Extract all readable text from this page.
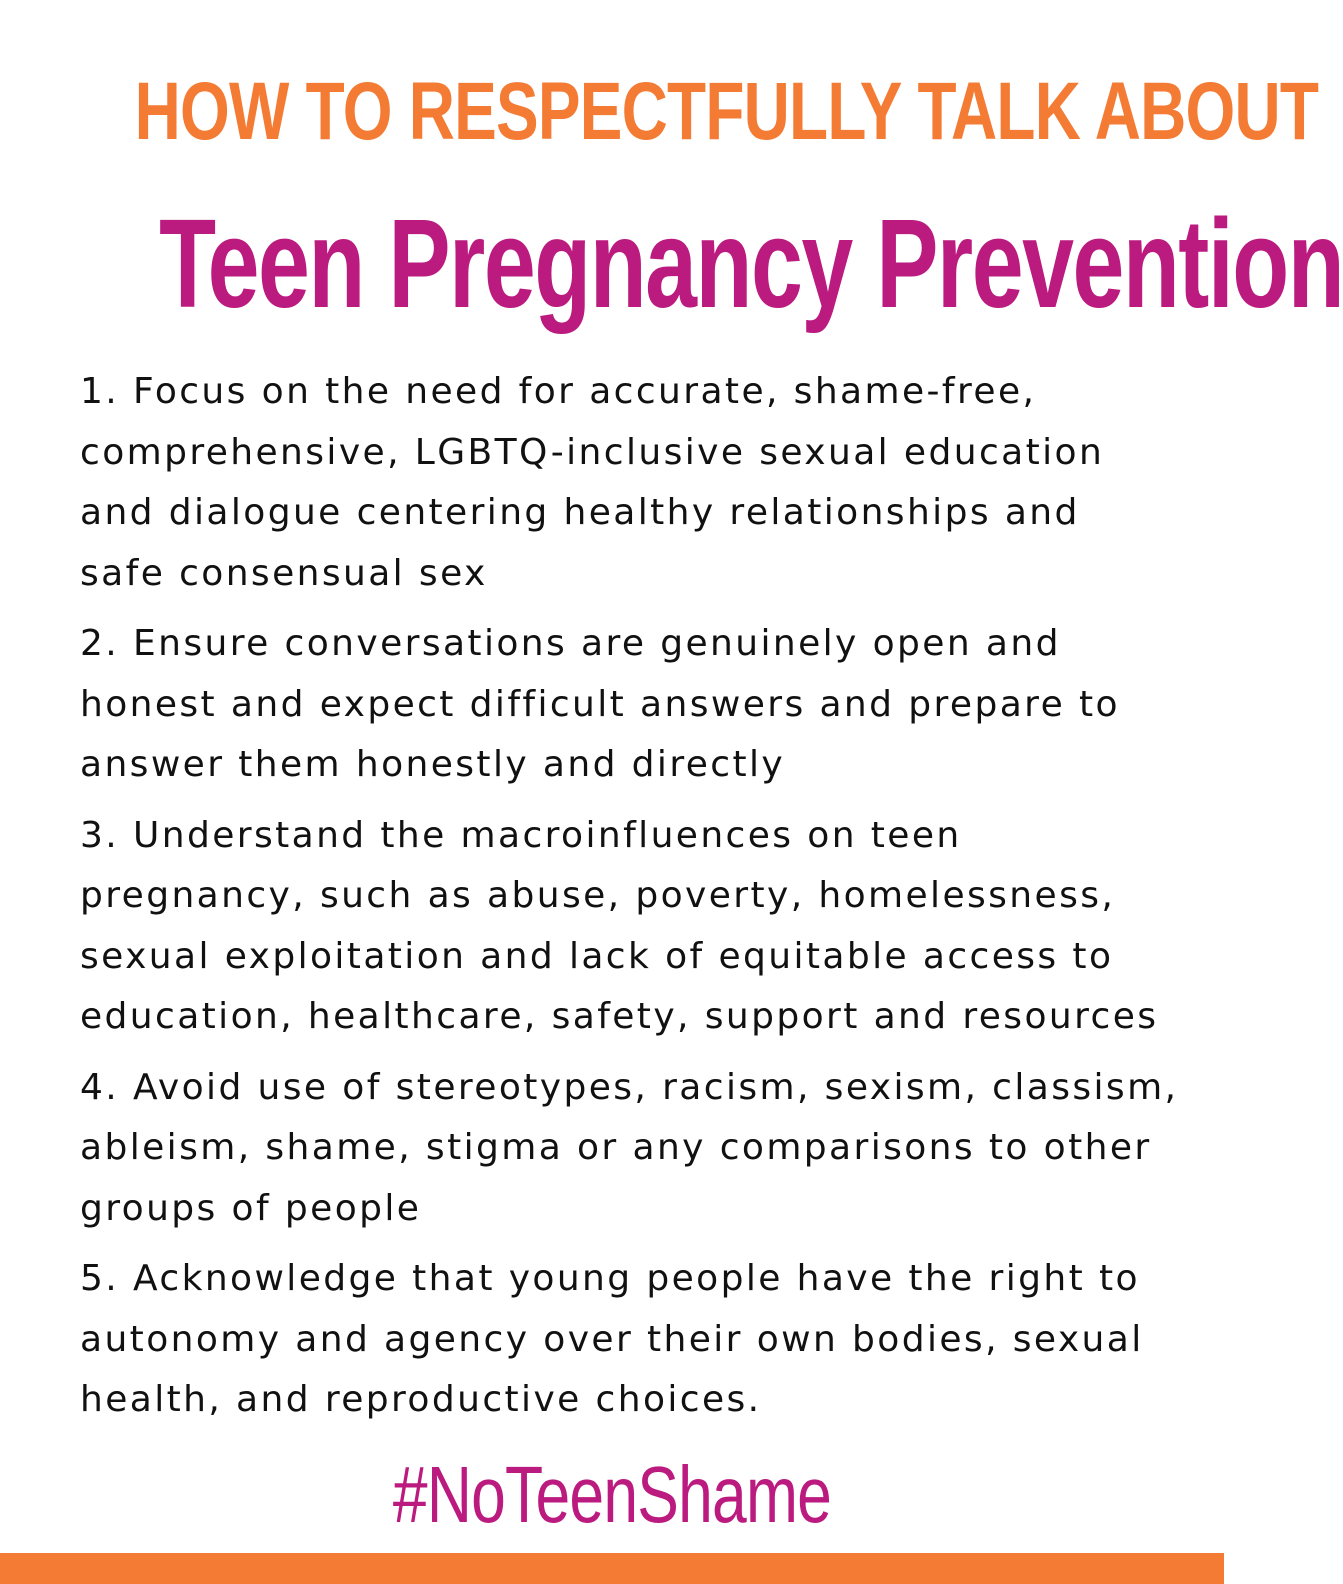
HOW TO RESPECTFULLY TALK ABOUT
Teen Pregnancy Prevention
1. Focus on the need for accurate, shame-free,
comprehensive, LGBTQ-inclusive sexual education
and dialogue centering healthy relationships and
safe consensual sex
2. Ensure conversations are genuinely open and
honest and expect difficult answers and prepare to
answer them honestly and directly
3. Understand the macroinfluences on teen
pregnancy, such as abuse, poverty, homelessness,
sexual exploitation and lack of equitable access to
education, healthcare, safety, support and resources
4. Avoid use of stereotypes, racism, sexism, classism,
ableism, shame, stigma or any comparisons to other
groups of people
5. Acknowledge that young people have the right to
autonomy and agency over their own bodies, sexual
health, and reproductive choices.

#NoTeenShame
